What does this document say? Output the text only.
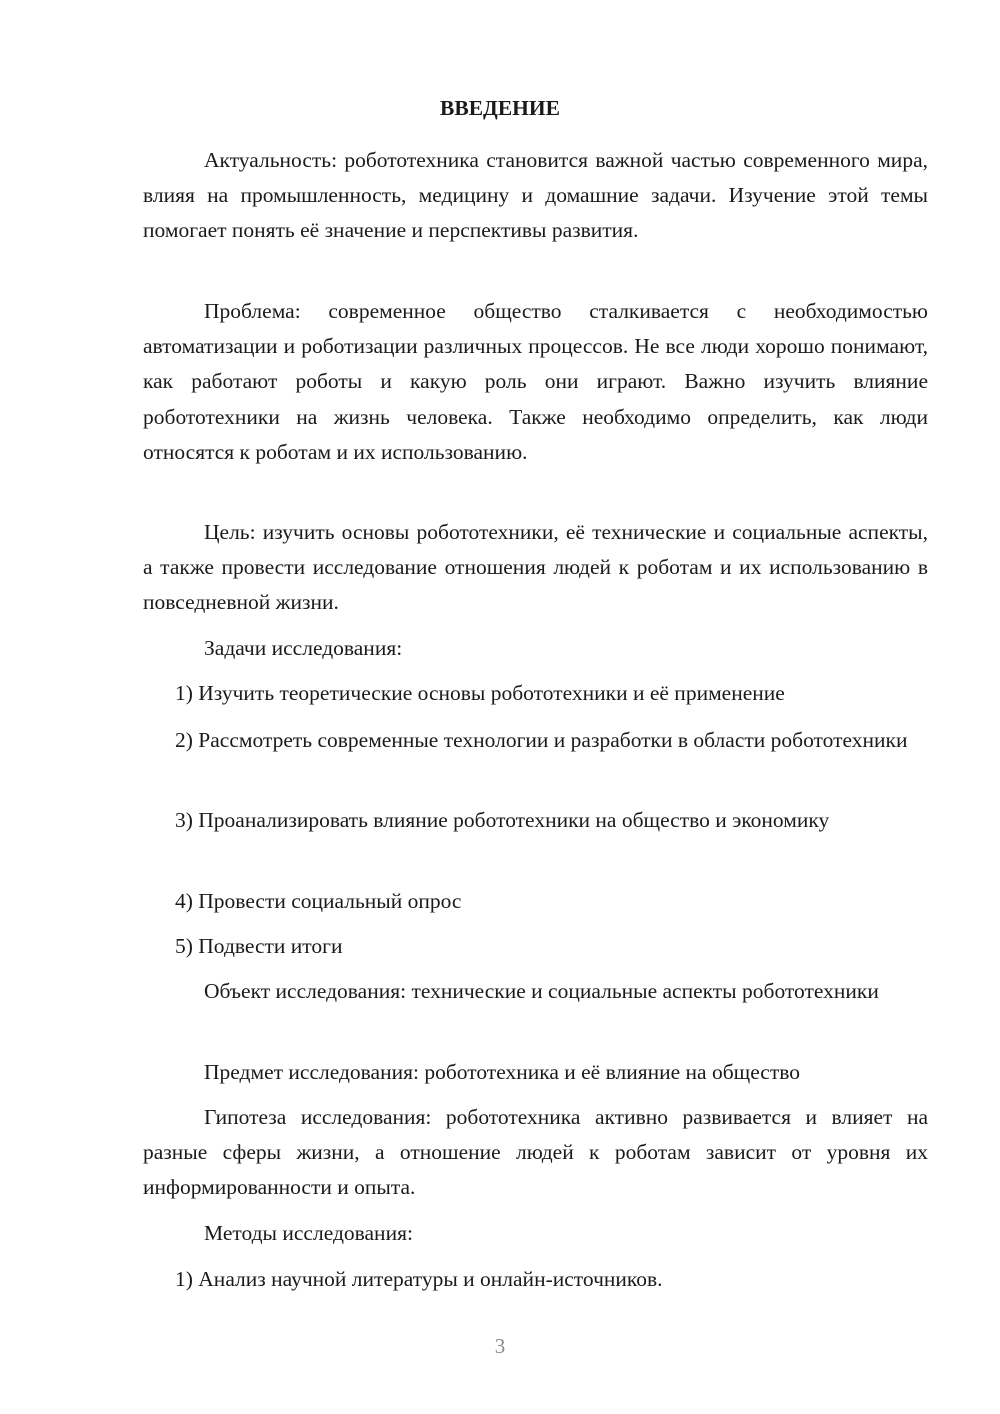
ВВЕДЕНИЕ

Актуальность: робототехника становится важной частью современного мира, влияя на промышленность, медицину и домашние задачи. Изучение этой темы помогает понять её значение и перспективы развития.

Проблема: современное общество сталкивается с необходимостью автоматизации и роботизации различных процессов. Не все люди хорошо понимают, как работают роботы и какую роль они играют. Важно изучить влияние робототехники на жизнь человека. Также необходимо определить, как люди относятся к роботам и их использованию.

Цель: изучить основы робототехники, её технические и социальные аспекты, а также провести исследование отношения людей к роботам и их использованию в повседневной жизни.

Задачи исследования:

1) Изучить теоретические основы робототехники и её применение

2) Рассмотреть современные технологии и разработки в области робототехники

3) Проанализировать влияние робототехники на общество и экономику

4) Провести социальный опрос

5) Подвести итоги

Объект исследования: технические и социальные аспекты робототехники

Предмет исследования: робототехника и её влияние на общество

Гипотеза исследования: робототехника активно развивается и влияет на разные сферы жизни, а отношение людей к роботам зависит от уровня их информированности и опыта.

Методы исследования:

1) Анализ научной литературы и онлайн-источников.

3
